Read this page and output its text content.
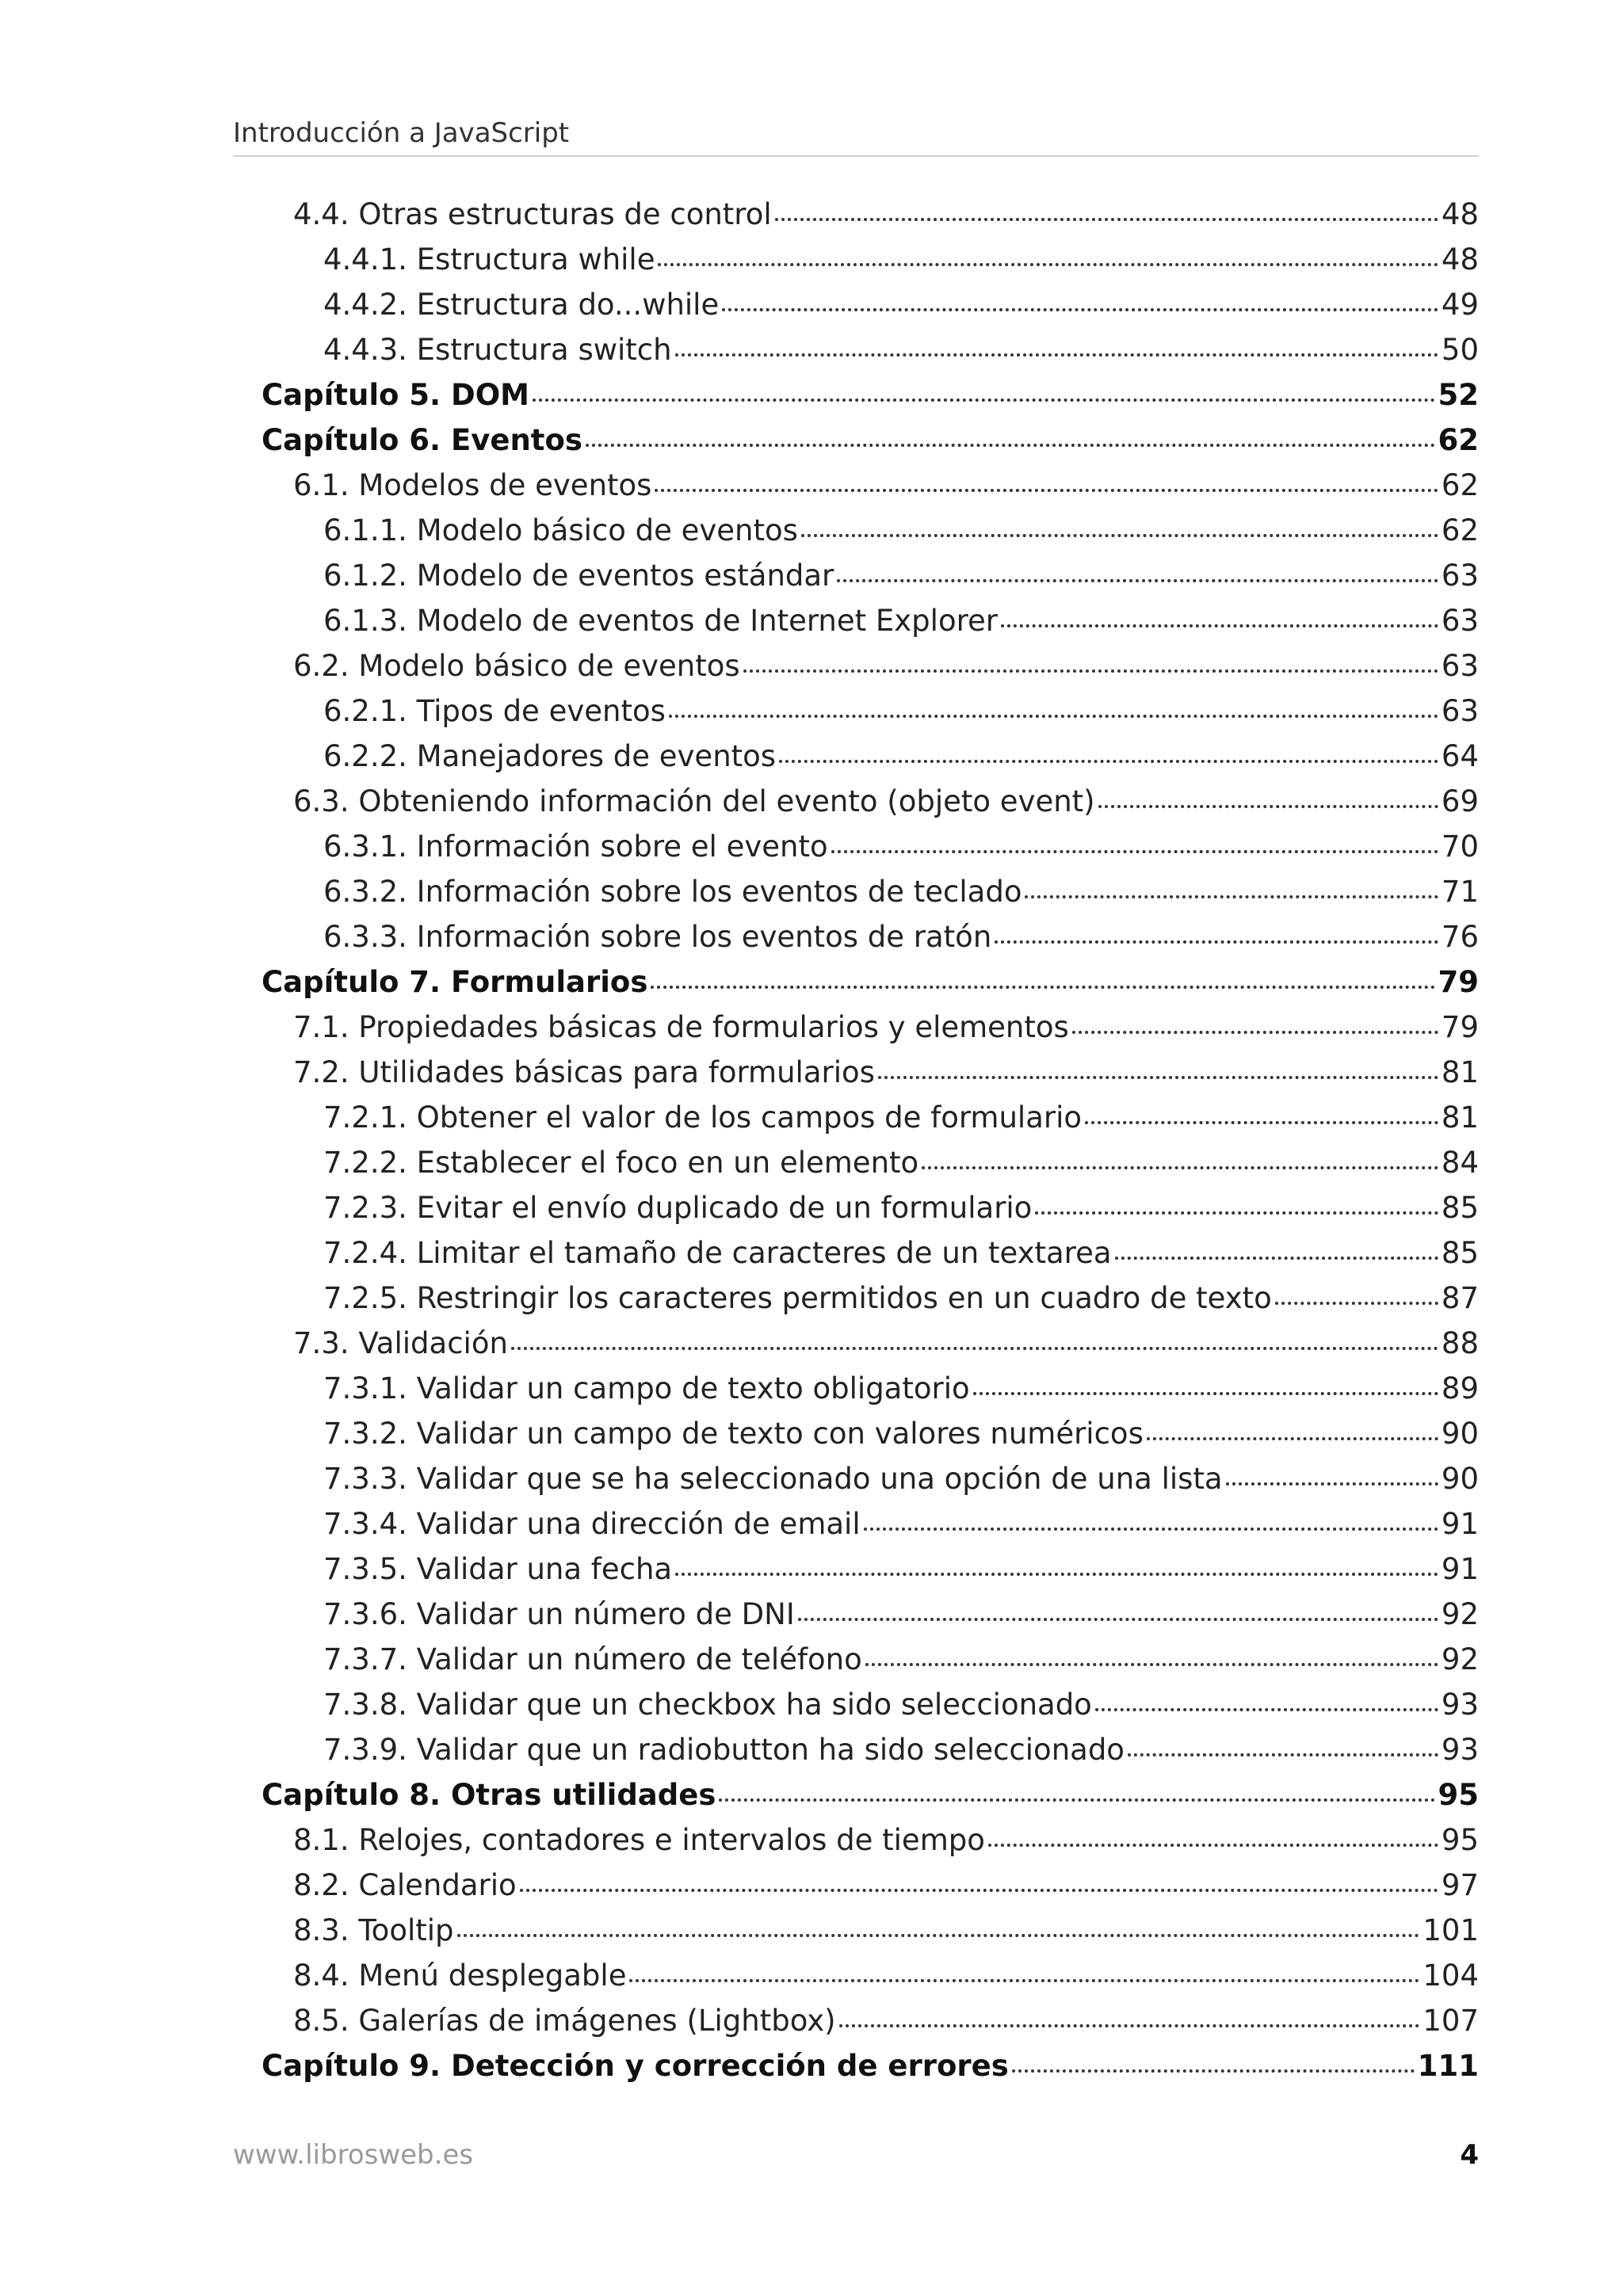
Introducción a JavaScript
4.4. Otras estructuras de control	48
4.4.1. Estructura while	48
4.4.2. Estructura do...while	49
4.4.3. Estructura switch	50
Capítulo 5. DOM	52
Capítulo 6. Eventos	62
6.1. Modelos de eventos	62
6.1.1. Modelo básico de eventos	62
6.1.2. Modelo de eventos estándar	63
6.1.3. Modelo de eventos de Internet Explorer	63
6.2. Modelo básico de eventos	63
6.2.1. Tipos de eventos	63
6.2.2. Manejadores de eventos	64
6.3. Obteniendo información del evento (objeto event)	69
6.3.1. Información sobre el evento	70
6.3.2. Información sobre los eventos de teclado	71
6.3.3. Información sobre los eventos de ratón	76
Capítulo 7. Formularios	79
7.1. Propiedades básicas de formularios y elementos	79
7.2. Utilidades básicas para formularios	81
7.2.1. Obtener el valor de los campos de formulario	81
7.2.2. Establecer el foco en un elemento	84
7.2.3. Evitar el envío duplicado de un formulario	85
7.2.4. Limitar el tamaño de caracteres de un textarea	85
7.2.5. Restringir los caracteres permitidos en un cuadro de texto	87
7.3. Validación	88
7.3.1. Validar un campo de texto obligatorio	89
7.3.2. Validar un campo de texto con valores numéricos	90
7.3.3. Validar que se ha seleccionado una opción de una lista	90
7.3.4. Validar una dirección de email	91
7.3.5. Validar una fecha	91
7.3.6. Validar un número de DNI	92
7.3.7. Validar un número de teléfono	92
7.3.8. Validar que un checkbox ha sido seleccionado	93
7.3.9. Validar que un radiobutton ha sido seleccionado	93
Capítulo 8. Otras utilidades	95
8.1. Relojes, contadores e intervalos de tiempo	95
8.2. Calendario	97
8.3. Tooltip	101
8.4. Menú desplegable	104
8.5. Galerías de imágenes (Lightbox)	107
Capítulo 9. Detección y corrección de errores	111
www.librosweb.es	4
